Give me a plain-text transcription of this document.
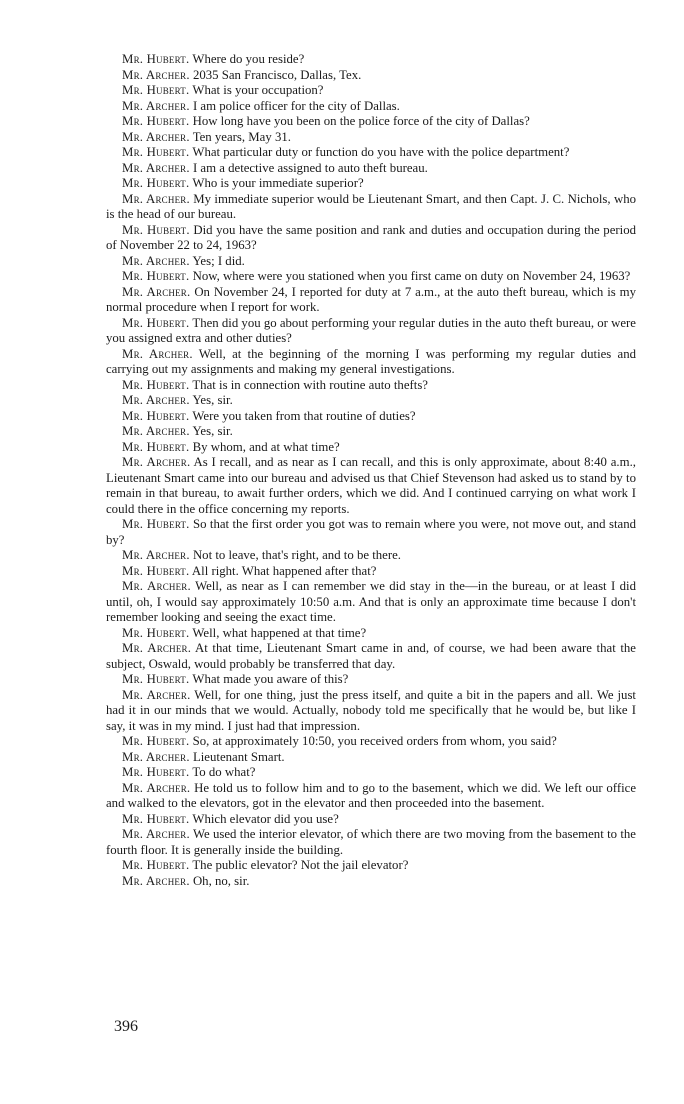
Mr. Hubert. Where do you reside?

Mr. Archer. 2035 San Francisco, Dallas, Tex.

Mr. Hubert. What is your occupation?

Mr. Archer. I am police officer for the city of Dallas.

Mr. Hubert. How long have you been on the police force of the city of Dallas?

Mr. Archer. Ten years, May 31.

Mr. Hubert. What particular duty or function do you have with the police department?

Mr. Archer. I am a detective assigned to auto theft bureau.

Mr. Hubert. Who is your immediate superior?

Mr. Archer. My immediate superior would be Lieutenant Smart, and then Capt. J. C. Nichols, who is the head of our bureau.

Mr. Hubert. Did you have the same position and rank and duties and occupation during the period of November 22 to 24, 1963?

Mr. Archer. Yes; I did.

Mr. Hubert. Now, where were you stationed when you first came on duty on November 24, 1963?

Mr. Archer. On November 24, I reported for duty at 7 a.m., at the auto theft bureau, which is my normal procedure when I report for work.

Mr. Hubert. Then did you go about performing your regular duties in the auto theft bureau, or were you assigned extra and other duties?

Mr. Archer. Well, at the beginning of the morning I was performing my regular duties and carrying out my assignments and making my general investigations.

Mr. Hubert. That is in connection with routine auto thefts?

Mr. Archer. Yes, sir.

Mr. Hubert. Were you taken from that routine of duties?

Mr. Archer. Yes, sir.

Mr. Hubert. By whom, and at what time?

Mr. Archer. As I recall, and as near as I can recall, and this is only approximate, about 8:40 a.m., Lieutenant Smart came into our bureau and advised us that Chief Stevenson had asked us to stand by to remain in that bureau, to await further orders, which we did. And I continued carrying on what work I could there in the office concerning my reports.

Mr. Hubert. So that the first order you got was to remain where you were, not move out, and stand by?

Mr. Archer. Not to leave, that's right, and to be there.

Mr. Hubert. All right. What happened after that?

Mr. Archer. Well, as near as I can remember we did stay in the—in the bureau, or at least I did until, oh, I would say approximately 10:50 a.m. And that is only an approximate time because I don't remember looking and seeing the exact time.

Mr. Hubert. Well, what happened at that time?

Mr. Archer. At that time, Lieutenant Smart came in and, of course, we had been aware that the subject, Oswald, would probably be transferred that day.

Mr. Hubert. What made you aware of this?

Mr. Archer. Well, for one thing, just the press itself, and quite a bit in the papers and all. We just had it in our minds that we would. Actually, nobody told me specifically that he would be, but like I say, it was in my mind. I just had that impression.

Mr. Hubert. So, at approximately 10:50, you received orders from whom, you said?

Mr. Archer. Lieutenant Smart.

Mr. Hubert. To do what?

Mr. Archer. He told us to follow him and to go to the basement, which we did. We left our office and walked to the elevators, got in the elevator and then proceeded into the basement.

Mr. Hubert. Which elevator did you use?

Mr. Archer. We used the interior elevator, of which there are two moving from the basement to the fourth floor. It is generally inside the building.

Mr. Hubert. The public elevator? Not the jail elevator?

Mr. Archer. Oh, no, sir.

396
